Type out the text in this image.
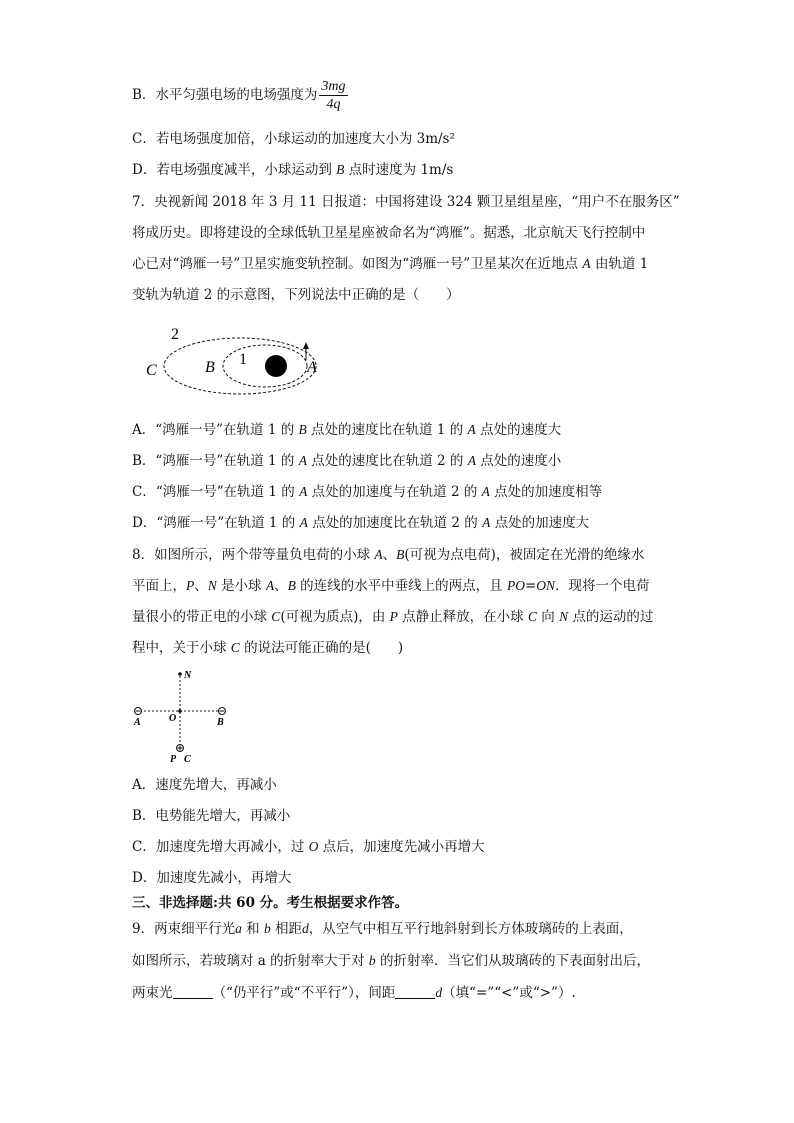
B．水平匀强电场的电场强度为 $\frac{3mg}{4q}$
C．若电场强度加倍，小球运动的加速度大小为 3m/s²
D．若电场强度减半，小球运动到 B 点时速度为 1m/s
7．央视新闻 2018 年 3 月 11 日报道：中国将建设 324 颗卫星组星座，“用户不在服务区”
将成历史。即将建设的全球低轨卫星星座被命名为“鸿雁”。据悉，北京航天飞行控制中
心已对“鸿雁一号”卫星实施变轨控制。如图为“鸿雁一号”卫星某次在近地点 A 由轨道 1
变轨为轨道 2 的示意图，下列说法中正确的是（　　）
2
1
C	B	A
A．“鸿雁一号”在轨道 1 的 B 点处的速度比在轨道 1 的 A 点处的速度大
B．“鸿雁一号”在轨道 1 的 A 点处的速度比在轨道 2 的 A 点处的速度小
C．“鸿雁一号”在轨道 1 的 A 点处的加速度与在轨道 2 的 A 点处的加速度相等
D．“鸿雁一号”在轨道 1 的 A 点处的加速度比在轨道 2 的 A 点处的加速度大
8．如图所示，两个带等量负电荷的小球 A、B(可视为点电荷)，被固定在光滑的绝缘水
平面上，P、N 是小球 A、B 的连线的水平中垂线上的两点，且 PO=ON．现将一个电荷
量很小的带正电的小球 C(可视为质点)，由 P 点静止释放，在小球 C 向 N 点的运动的过
程中，关于小球 C 的说法可能正确的是(　　)
N
A	O	B
P C
A．速度先增大，再减小
B．电势能先增大，再减小
C．加速度先增大再减小，过 O 点后，加速度先减小再增大
D．加速度先减小，再增大
三、非选择题:共 60 分。考生根据要求作答。
9．两束细平行光a 和 b 相距d，从空气中相互平行地斜射到长方体玻璃砖的上表面，
如图所示，若玻璃对 a 的折射率大于对 b 的折射率．当它们从玻璃砖的下表面射出后，
两束光	（“仍平行”或“不平行”），间距	d（填“=”“<”或“>”）.
